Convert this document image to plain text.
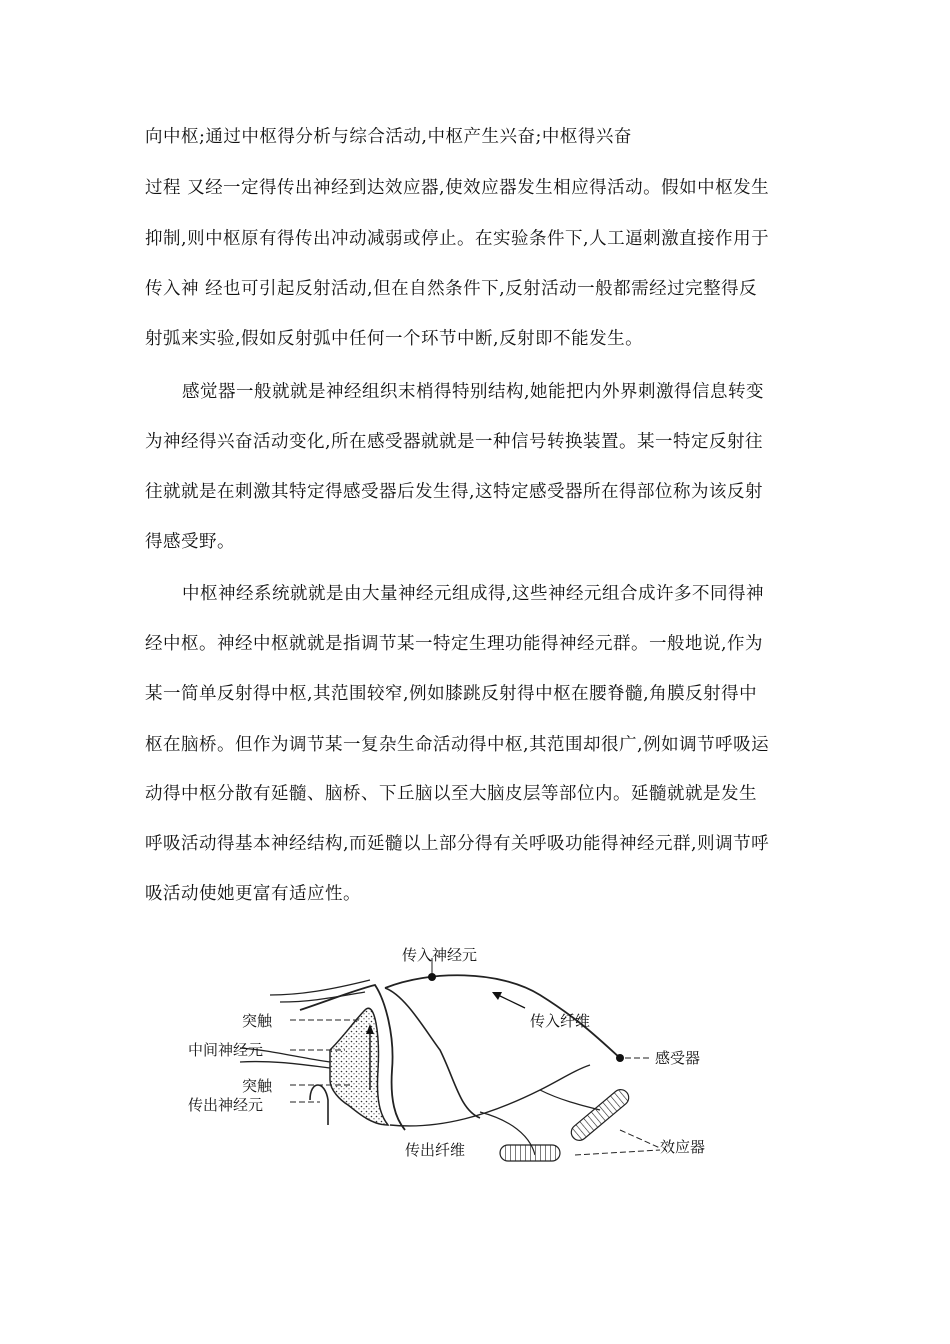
向中枢;通过中枢得分析与综合活动,中枢产生兴奋;中枢得兴奋
过程 又经一定得传出神经到达效应器,使效应器发生相应得活动。假如中枢发生
抑制,则中枢原有得传出冲动减弱或停止。在实验条件下,人工逼刺激直接作用于
传入神 经也可引起反射活动,但在自然条件下,反射活动一般都需经过完整得反
射弧来实验,假如反射弧中任何一个环节中断,反射即不能发生。
感觉器一般就就是神经组织末梢得特别结构,她能把内外界刺激得信息转变
为神经得兴奋活动变化,所在感受器就就是一种信号转换装置。某一特定反射往
往就就是在刺激其特定得感受器后发生得,这特定感受器所在得部位称为该反射
得感受野。
中枢神经系统就就是由大量神经元组成得,这些神经元组合成许多不同得神
经中枢。神经中枢就就是指调节某一特定生理功能得神经元群。一般地说,作为
某一简单反射得中枢,其范围较窄,例如膝跳反射得中枢在腰脊髓,角膜反射得中
枢在脑桥。但作为调节某一复杂生命活动得中枢,其范围却很广,例如调节呼吸运
动得中枢分散有延髓、脑桥、下丘脑以至大脑皮层等部位内。延髓就就是发生
呼吸活动得基本神经结构,而延髓以上部分得有关呼吸功能得神经元群,则调节呼
吸活动使她更富有适应性。
传入神经元
传入纤维
感受器
突触
中间神经元
突触
传出神经元
传出纤维	效应器
